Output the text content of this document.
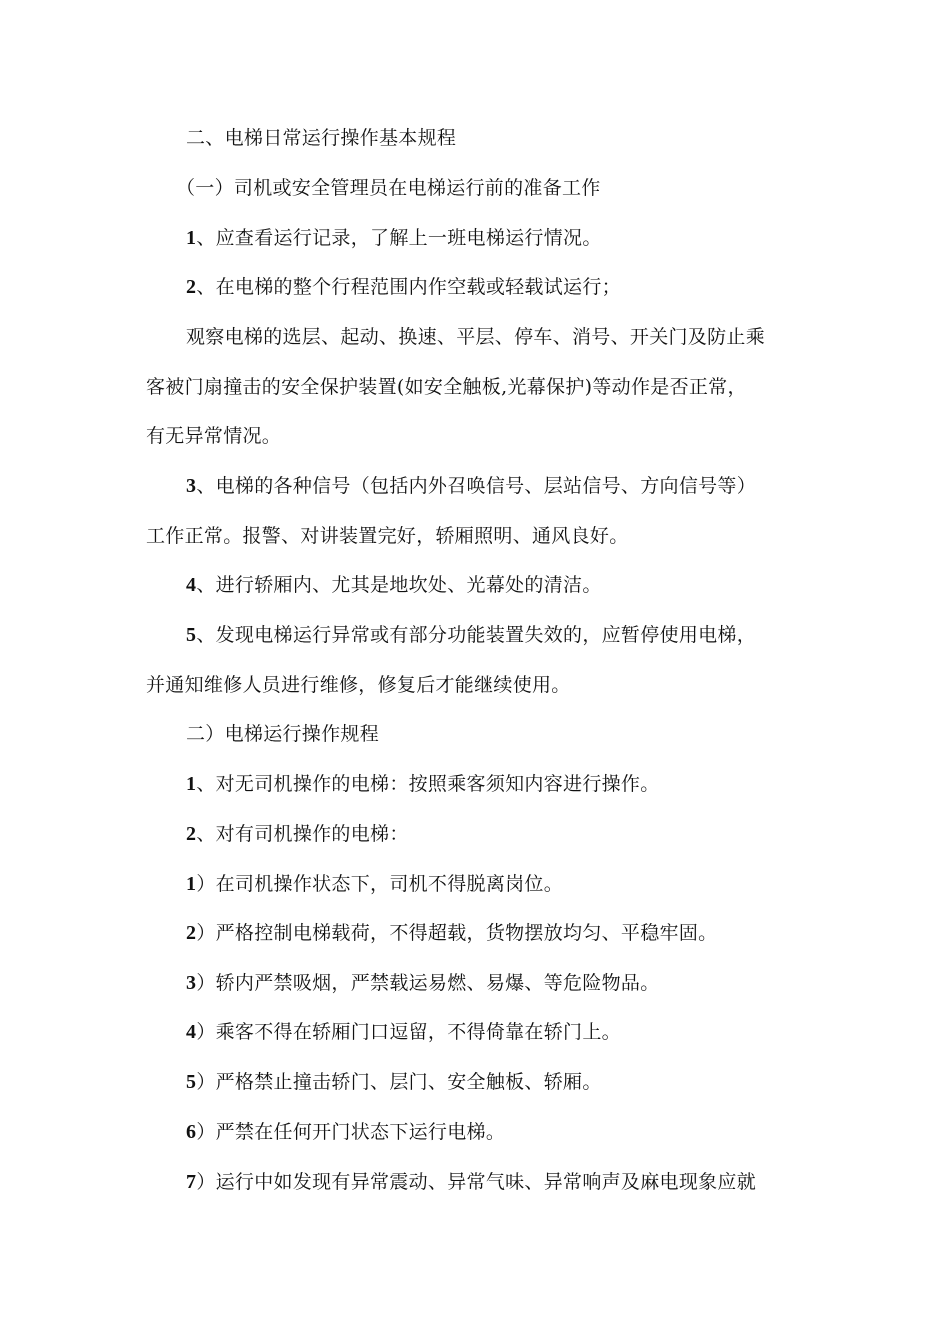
二、电梯日常运行操作基本规程
（一）司机或安全管理员在电梯运行前的准备工作
1、应查看运行记录，了解上一班电梯运行情况。
2、在电梯的整个行程范围内作空载或轻载试运行；
观察电梯的选层、起动、换速、平层、停车、消号、开关门及防止乘
客被门扇撞击的安全保护装置(如安全触板,光幕保护)等动作是否正常，
有无异常情况。
3、电梯的各种信号（包括内外召唤信号、层站信号、方向信号等）
工作正常。报警、对讲装置完好，轿厢照明、通风良好。
4、进行轿厢内、尤其是地坎处、光幕处的清洁。
5、发现电梯运行异常或有部分功能装置失效的，应暂停使用电梯，
并通知维修人员进行维修，修复后才能继续使用。
二）电梯运行操作规程
1、对无司机操作的电梯：按照乘客须知内容进行操作。
2、对有司机操作的电梯：
1）在司机操作状态下，司机不得脱离岗位。
2）严格控制电梯载荷，不得超载，货物摆放均匀、平稳牢固。
3）轿内严禁吸烟，严禁载运易燃、易爆、等危险物品。
4）乘客不得在轿厢门口逗留，不得倚靠在轿门上。
5）严格禁止撞击轿门、层门、安全触板、轿厢。
6）严禁在任何开门状态下运行电梯。
7）运行中如发现有异常震动、异常气味、异常响声及麻电现象应就
